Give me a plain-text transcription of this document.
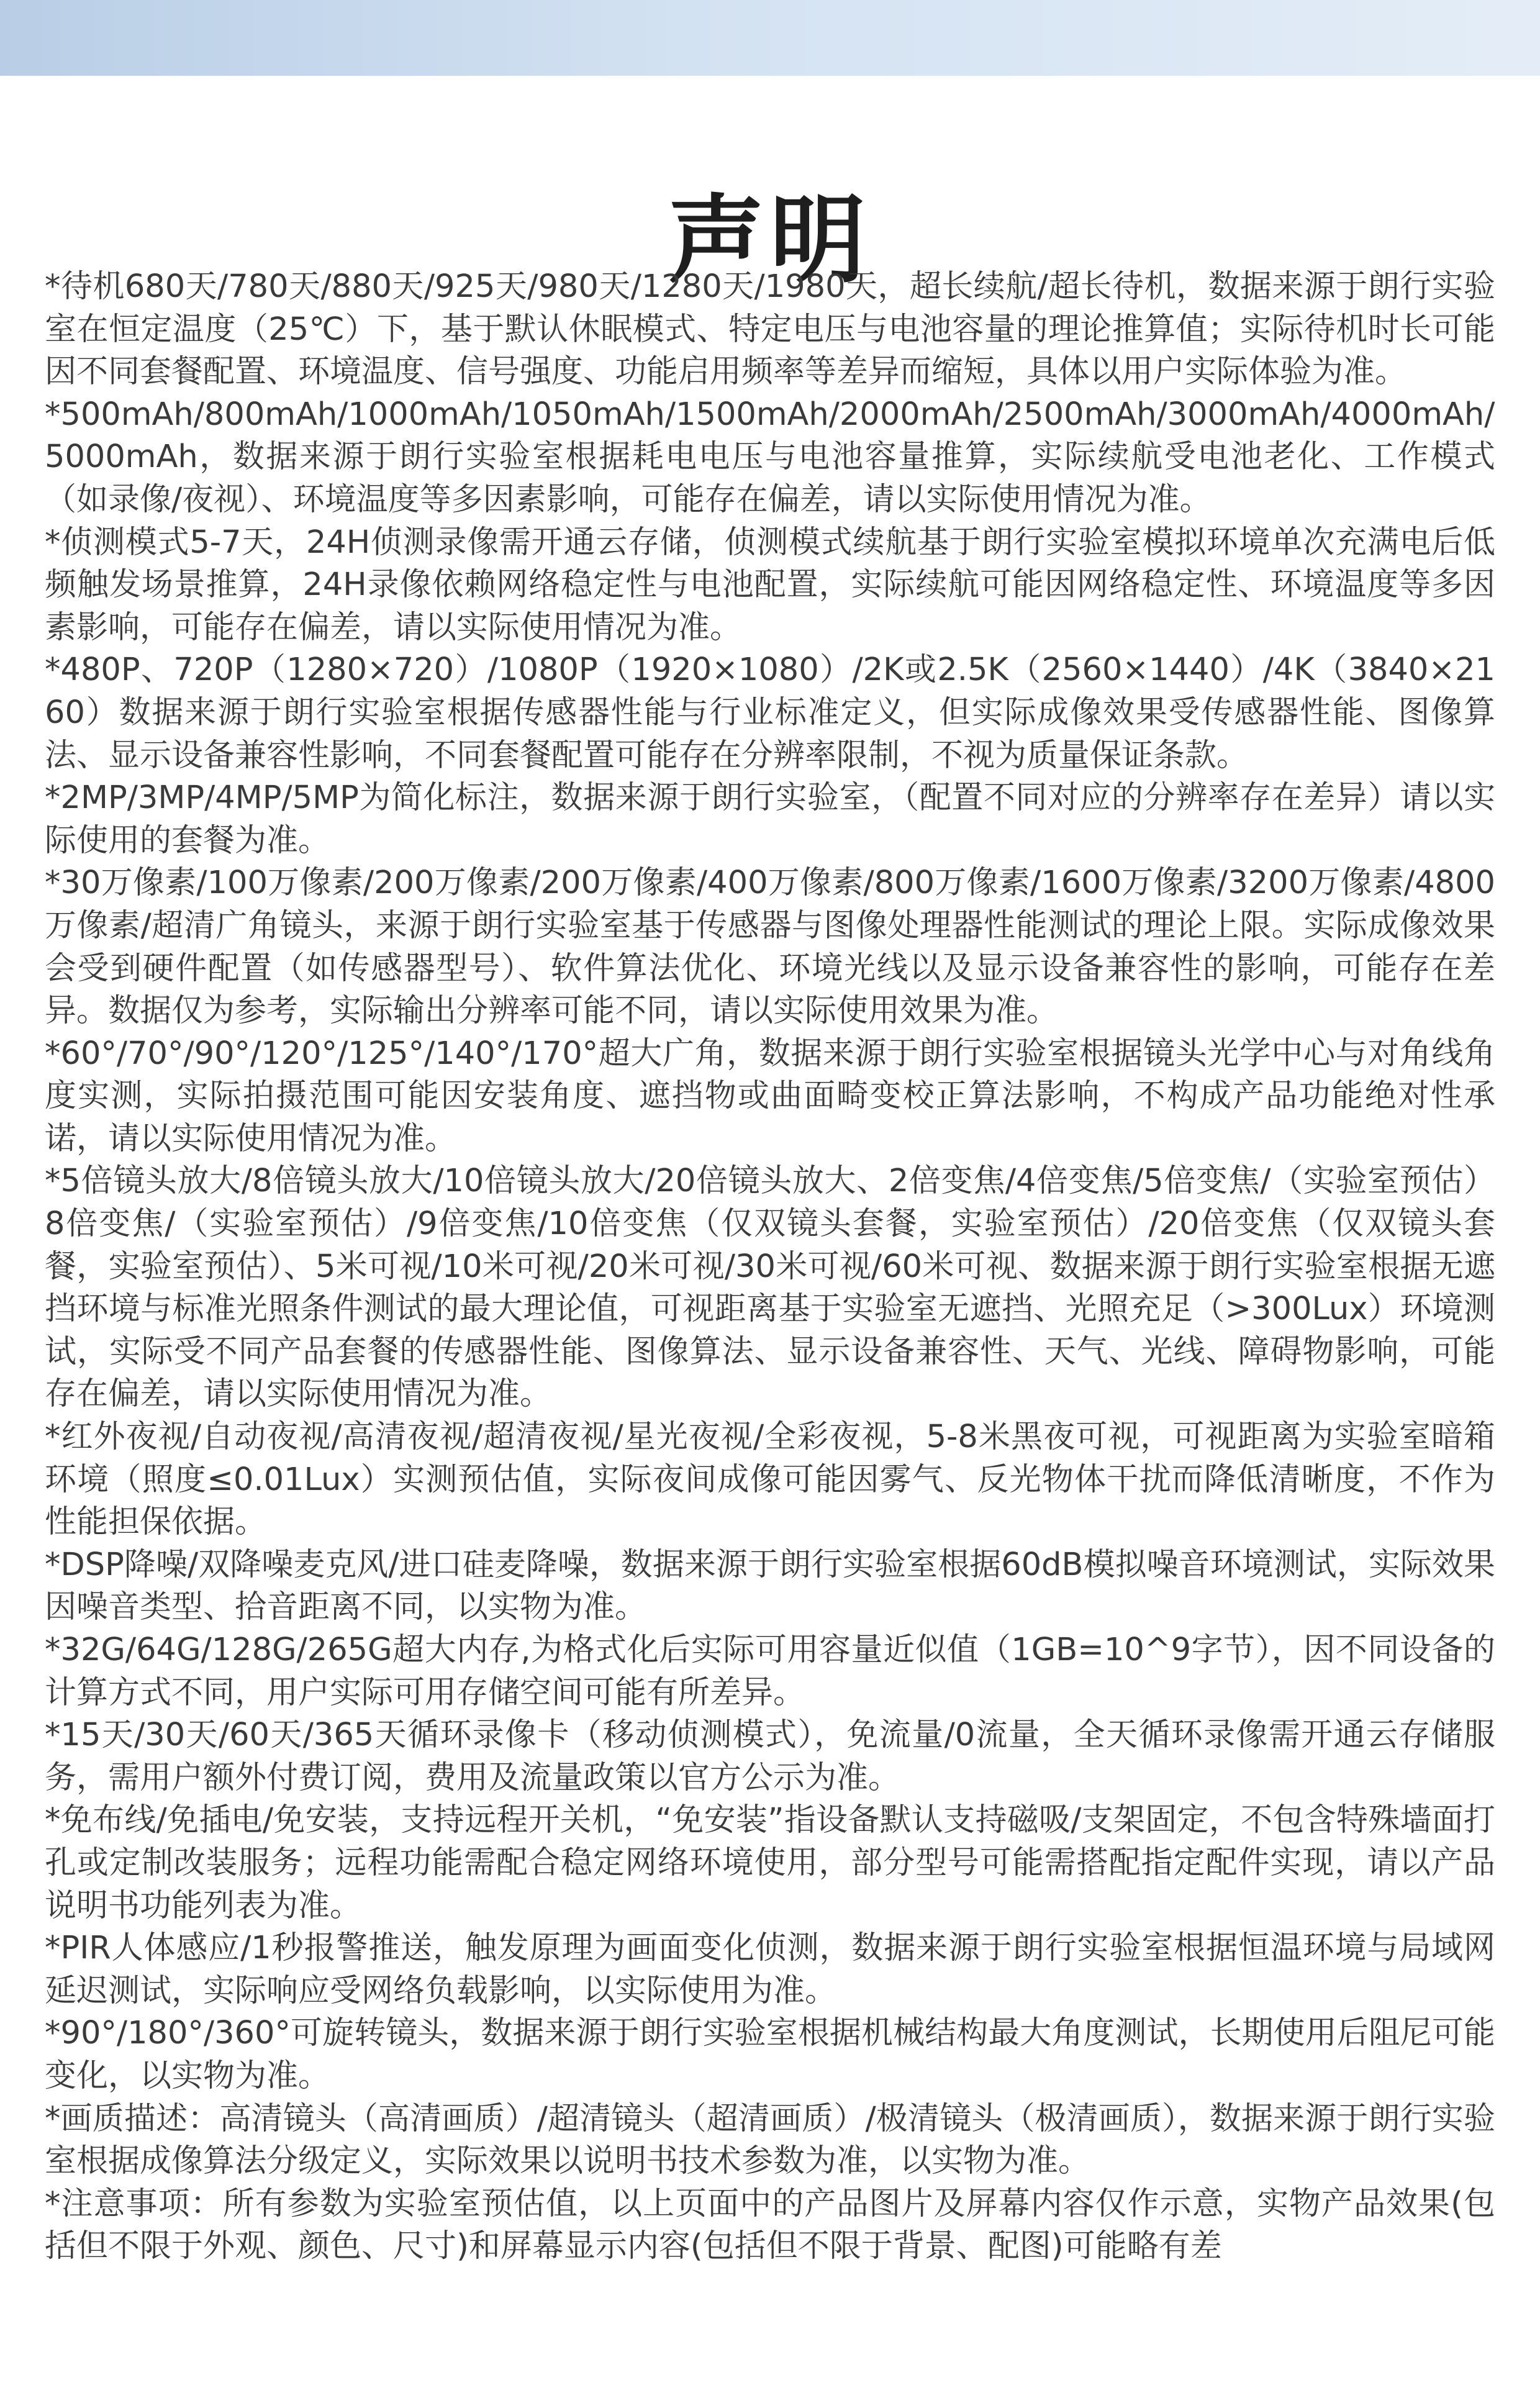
声明

*待机680天/780天/880天/925天/980天/1280天/1980天，超长续航/超长待机，数据来源于朗行实验室在恒定温度（25℃）下，基于默认休眠模式、特定电压与电池容量的理论推算值；实际待机时长可能因不同套餐配置、环境温度、信号强度、功能启用频率等差异而缩短，具体以用户实际体验为准。

*500mAh/800mAh/1000mAh/1050mAh/1500mAh/2000mAh/2500mAh/3000mAh/4000mAh/5000mAh，数据来源于朗行实验室根据耗电电压与电池容量推算，实际续航受电池老化、工作模式（如录像/夜视）、环境温度等多因素影响，可能存在偏差，请以实际使用情况为准。

*侦测模式5-7天，24H侦测录像需开通云存储，侦测模式续航基于朗行实验室模拟环境单次充满电后低频触发场景推算，24H录像依赖网络稳定性与电池配置，实际续航可能因网络稳定性、环境温度等多因素影响，可能存在偏差，请以实际使用情况为准。

*480P、720P（1280×720）/1080P（1920×1080）/2K或2.5K（2560×1440）/4K（3840×2160）数据来源于朗行实验室根据传感器性能与行业标准定义，但实际成像效果受传感器性能、图像算法、显示设备兼容性影响，不同套餐配置可能存在分辨率限制，不视为质量保证条款。

*2MP/3MP/4MP/5MP为简化标注，数据来源于朗行实验室，（配置不同对应的分辨率存在差异）请以实际使用的套餐为准。

*30万像素/100万像素/200万像素/200万像素/400万像素/800万像素/1600万像素/3200万像素/4800万像素/超清广角镜头，来源于朗行实验室基于传感器与图像处理器性能测试的理论上限。实际成像效果会受到硬件配置（如传感器型号）、软件算法优化、环境光线以及显示设备兼容性的影响，可能存在差异。数据仅为参考，实际输出分辨率可能不同，请以实际使用效果为准。

*60°/70°/90°/120°/125°/140°/170°超大广角，数据来源于朗行实验室根据镜头光学中心与对角线角度实测，实际拍摄范围可能因安装角度、遮挡物或曲面畸变校正算法影响，不构成产品功能绝对性承诺，请以实际使用情况为准。

*5倍镜头放大/8倍镜头放大/10倍镜头放大/20倍镜头放大、2倍变焦/4倍变焦/5倍变焦/（实验室预估）8倍变焦/（实验室预估）/9倍变焦/10倍变焦（仅双镜头套餐，实验室预估）/20倍变焦（仅双镜头套餐，实验室预估）、5米可视/10米可视/20米可视/30米可视/60米可视、数据来源于朗行实验室根据无遮挡环境与标准光照条件测试的最大理论值，可视距离基于实验室无遮挡、光照充足（>300Lux）环境测试，实际受不同产品套餐的传感器性能、图像算法、显示设备兼容性、天气、光线、障碍物影响，可能存在偏差，请以实际使用情况为准。

*红外夜视/自动夜视/高清夜视/超清夜视/星光夜视/全彩夜视，5-8米黑夜可视，可视距离为实验室暗箱环境（照度≤0.01Lux）实测预估值，实际夜间成像可能因雾气、反光物体干扰而降低清晰度，不作为性能担保依据。

*DSP降噪/双降噪麦克风/进口硅麦降噪，数据来源于朗行实验室根据60dB模拟噪音环境测试，实际效果因噪音类型、拾音距离不同，以实物为准。

*32G/64G/128G/265G超大内存,为格式化后实际可用容量近似值（1GB=10^9字节），因不同设备的计算方式不同，用户实际可用存储空间可能有所差异。

*15天/30天/60天/365天循环录像卡（移动侦测模式），免流量/0流量，全天循环录像需开通云存储服务，需用户额外付费订阅，费用及流量政策以官方公示为准。

*免布线/免插电/免安装，支持远程开关机，“免安装”指设备默认支持磁吸/支架固定，不包含特殊墙面打孔或定制改装服务；远程功能需配合稳定网络环境使用，部分型号可能需搭配指定配件实现，请以产品说明书功能列表为准。

*PIR人体感应/1秒报警推送，触发原理为画面变化侦测，数据来源于朗行实验室根据恒温环境与局域网延迟测试，实际响应受网络负载影响，以实际使用为准。

*90°/180°/360°可旋转镜头，数据来源于朗行实验室根据机械结构最大角度测试，长期使用后阻尼可能变化，以实物为准。

*画质描述：高清镜头（高清画质）/超清镜头（超清画质）/极清镜头（极清画质），数据来源于朗行实验室根据成像算法分级定义，实际效果以说明书技术参数为准，以实物为准。

*注意事项：所有参数为实验室预估值，以上页面中的产品图片及屏幕内容仅作示意，实物产品效果(包括但不限于外观、颜色、尺寸)和屏幕显示内容(包括但不限于背景、配图)可能略有差
